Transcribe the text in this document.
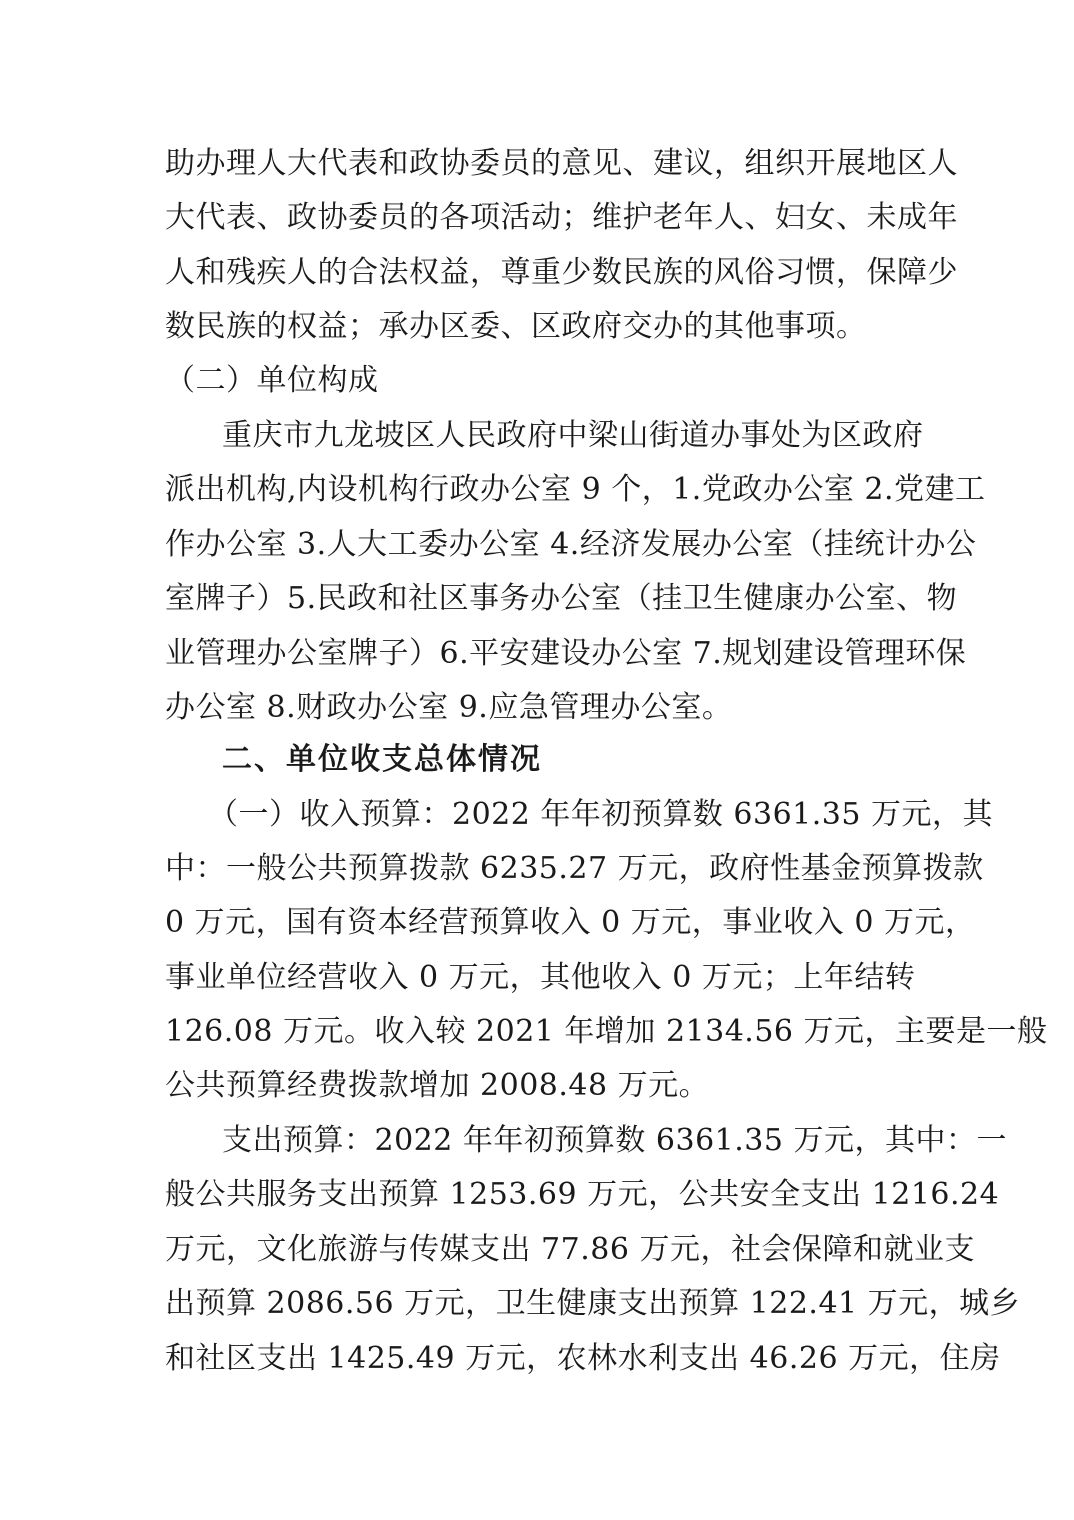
助办理人大代表和政协委员的意见、建议，组织开展地区人
大代表、政协委员的各项活动；维护老年人、妇女、未成年
人和残疾人的合法权益，尊重少数民族的风俗习惯，保障少
数民族的权益；承办区委、区政府交办的其他事项。
（二）单位构成
重庆市九龙坡区人民政府中梁山街道办事处为区政府
派出机构,内设机构行政办公室 9 个，1.党政办公室 2.党建工
作办公室 3.人大工委办公室 4.经济发展办公室（挂统计办公
室牌子）5.民政和社区事务办公室（挂卫生健康办公室、物
业管理办公室牌子）6.平安建设办公室 7.规划建设管理环保
办公室 8.财政办公室 9.应急管理办公室。
二、单位收支总体情况
（一）收入预算：2022 年年初预算数 6361.35 万元，其
中：一般公共预算拨款 6235.27 万元，政府性基金预算拨款
0 万元，国有资本经营预算收入 0 万元，事业收入 0 万元，
事业单位经营收入 0 万元，其他收入 0 万元；上年结转
126.08 万元。收入较 2021 年增加 2134.56 万元，主要是一般
公共预算经费拨款增加 2008.48 万元。
支出预算：2022 年年初预算数 6361.35 万元，其中：一
般公共服务支出预算 1253.69 万元，公共安全支出 1216.24
万元，文化旅游与传媒支出 77.86 万元，社会保障和就业支
出预算 2086.56 万元，卫生健康支出预算 122.41 万元，城乡
和社区支出 1425.49 万元，农林水利支出 46.26 万元，住房
